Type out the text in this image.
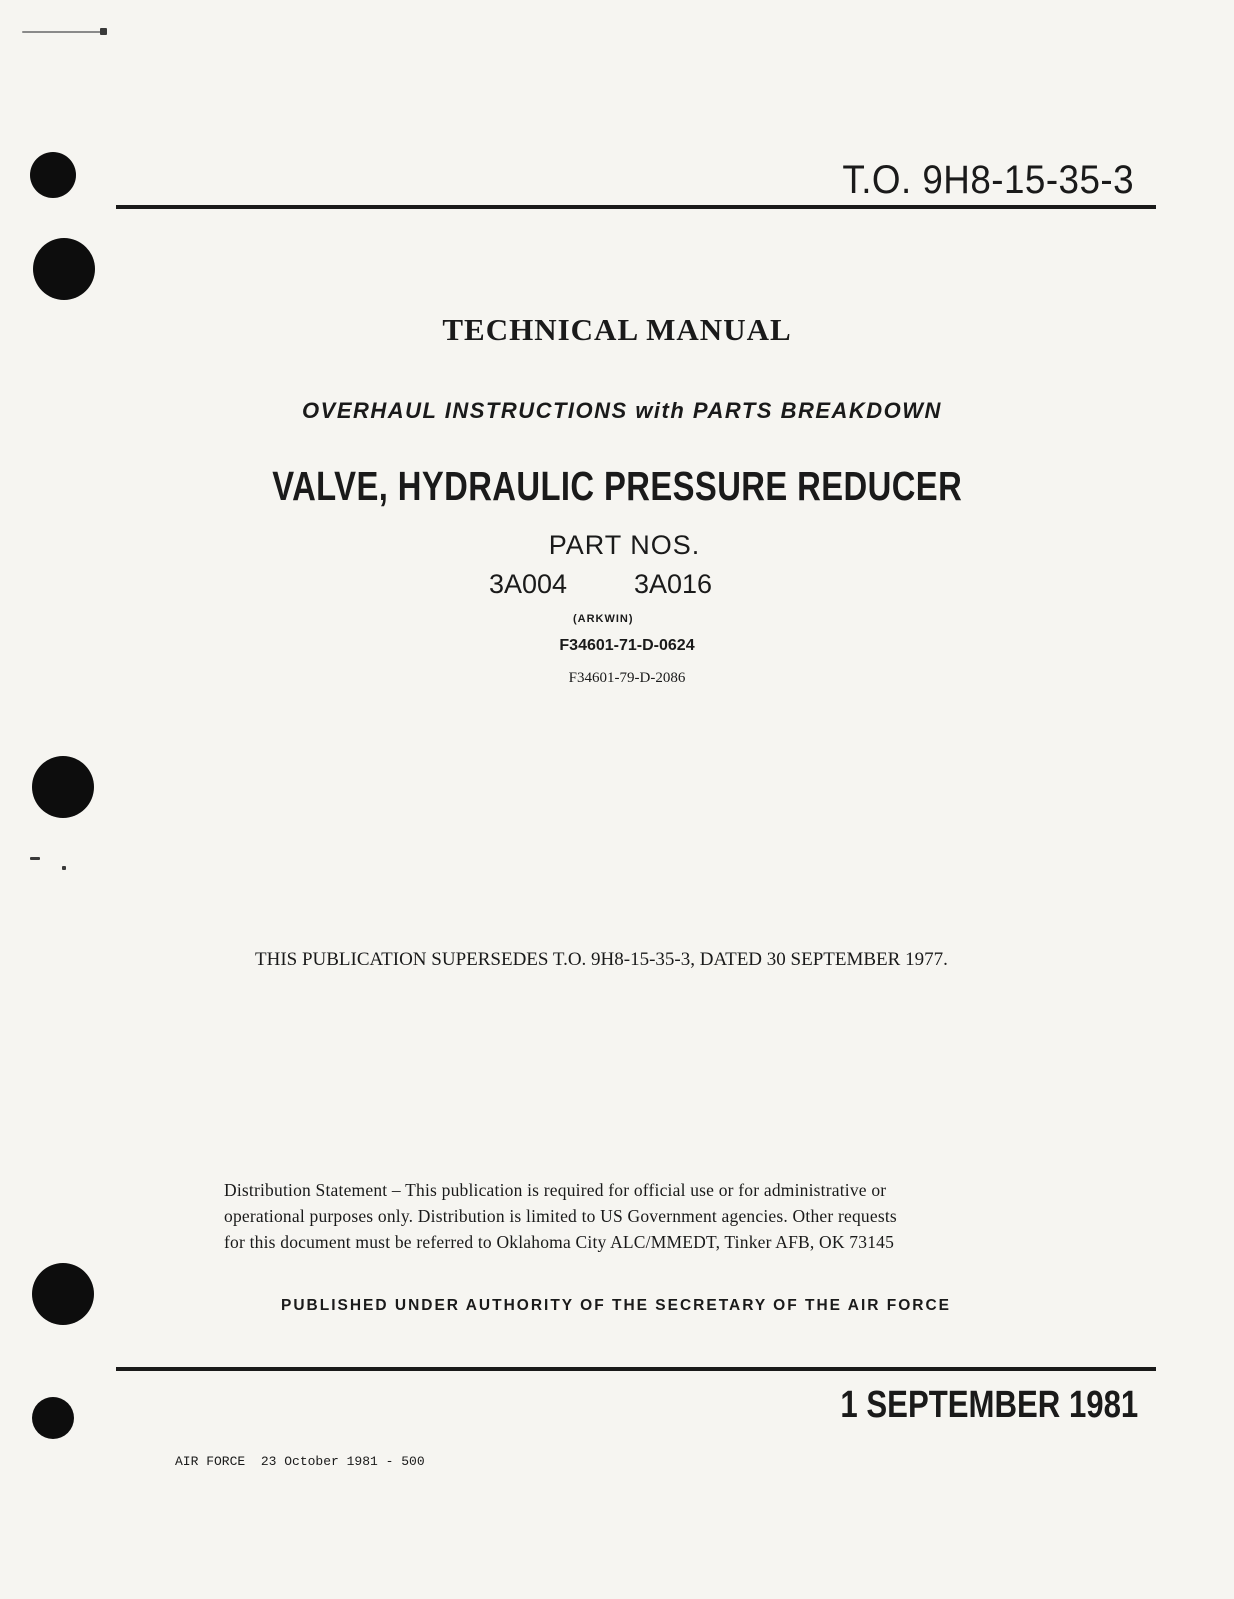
T.O. 9H8-15-35-3
TECHNICAL MANUAL
OVERHAUL INSTRUCTIONS with PARTS BREAKDOWN
VALVE, HYDRAULIC PRESSURE REDUCER
PART NOS.
3A004 3A016
(ARKWIN)
F34601-71-D-0624
F34601-79-D-2086
THIS PUBLICATION SUPERSEDES T.O. 9H8-15-35-3, DATED 30 SEPTEMBER 1977.
Distribution Statement – This publication is required for official use or for administrative or
operational purposes only. Distribution is limited to US Government agencies. Other requests
for this document must be referred to Oklahoma City ALC/MMEDT, Tinker AFB, OK 73145
PUBLISHED UNDER AUTHORITY OF THE SECRETARY OF THE AIR FORCE
1 SEPTEMBER 1981
AIR FORCE  23 October 1981 - 500
